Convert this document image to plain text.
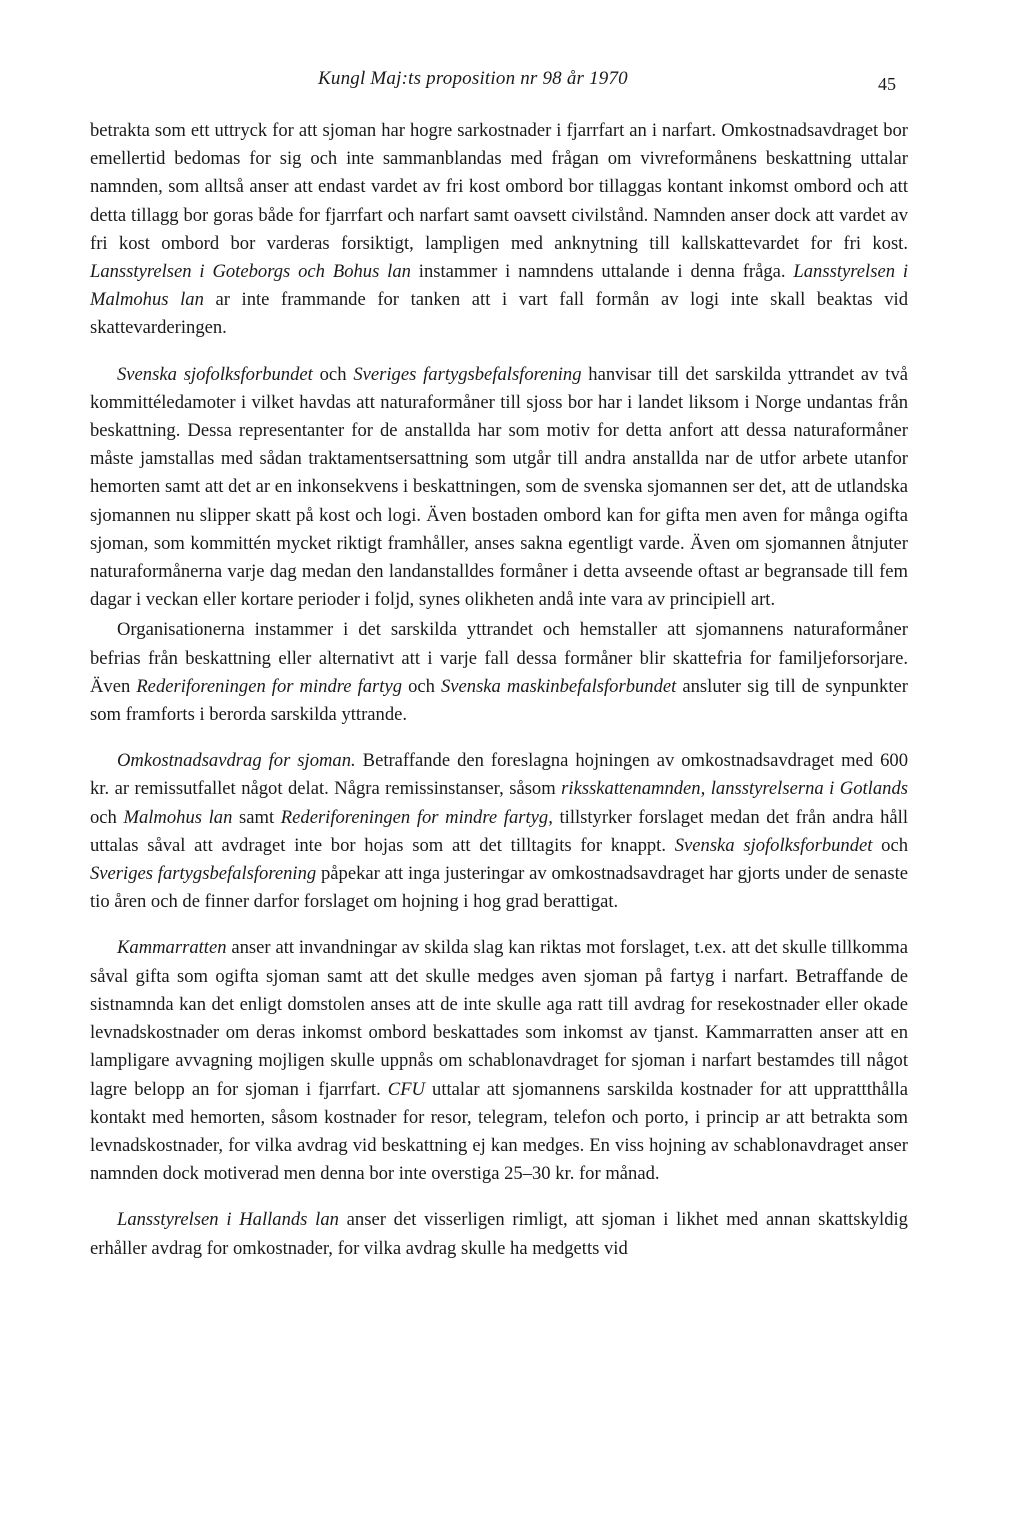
Kungl Maj:ts proposition nr 98 år 1970	45

betrakta som ett uttryck for att sjoman har hogre sarkostnader i fjarrfart an i narfart. Omkostnadsavdraget bor emellertid bedomas for sig och inte sammanblandas med frågan om vivreformånens beskattning uttalar namnden, som alltså anser att endast vardet av fri kost ombord bor tillaggas kontant inkomst ombord och att detta tillagg bor goras både for fjarrfart och narfart samt oavsett civilstånd. Namnden anser dock att vardet av fri kost ombord bor varderas forsiktigt, lampligen med anknytning till kallskattevardet for fri kost. Lansstyrelsen i Goteborgs och Bohus lan instammer i namndens uttalande i denna fråga. Lansstyrelsen i Malmohus lan ar inte frammande for tanken att i vart fall formån av logi inte skall beaktas vid skattevarderingen.

Svenska sjofolksforbundet och Sveriges fartygsbefalsforening hanvisar till det sarskilda yttrandet av två kommittéledamoter i vilket havdas att naturaformåner till sjoss bor har i landet liksom i Norge undantas från beskattning. Dessa representanter for de anstallda har som motiv for detta anfort att dessa naturaformåner måste jamstallas med sådan traktamentsersattning som utgår till andra anstallda nar de utfor arbete utanfor hemorten samt att det ar en inkonsekvens i beskattningen, som de svenska sjomannen ser det, att de utlandska sjomannen nu slipper skatt på kost och logi. Även bostaden ombord kan for gifta men aven for många ogifta sjoman, som kommittén mycket riktigt framhåller, anses sakna egentligt varde. Även om sjomannen åtnjuter naturaformånerna varje dag medan den landanstalldes formåner i detta avseende oftast ar begransade till fem dagar i veckan eller kortare perioder i foljd, synes olikheten andå inte vara av principiell art.

Organisationerna instammer i det sarskilda yttrandet och hemstaller att sjomannens naturaformåner befrias från beskattning eller alternativt att i varje fall dessa formåner blir skattefria for familjeforsorjare. Även Rederiforeningen for mindre fartyg och Svenska maskinbefalsforbundet ansluter sig till de synpunkter som framforts i berorda sarskilda yttrande.

Omkostnadsavdrag for sjoman. Betraffande den foreslagna hojningen av omkostnadsavdraget med 600 kr. ar remissutfallet något delat. Några remissinstanser, såsom riksskattenamnden, lansstyrelserna i Gotlands och Malmohus lan samt Rederiforeningen for mindre fartyg, tillstyrker forslaget medan det från andra håll uttalas såval att avdraget inte bor hojas som att det tilltagits for knappt. Svenska sjofolksforbundet och Sveriges fartygsbefalsforening påpekar att inga justeringar av omkostnadsavdraget har gjorts under de senaste tio åren och de finner darfor forslaget om hojning i hog grad berattigat.

Kammarratten anser att invandningar av skilda slag kan riktas mot forslaget, t.ex. att det skulle tillkomma såval gifta som ogifta sjoman samt att det skulle medges aven sjoman på fartyg i narfart. Betraffande de sistnamnda kan det enligt domstolen anses att de inte skulle aga ratt till avdrag for resekostnader eller okade levnadskostnader om deras inkomst ombord beskattades som inkomst av tjanst. Kammarratten anser att en lampligare avvagning mojligen skulle uppnås om schablonavdraget for sjoman i narfart bestamdes till något lagre belopp an for sjoman i fjarrfart. CFU uttalar att sjomannens sarskilda kostnader for att upprattthålla kontakt med hemorten, såsom kostnader for resor, telegram, telefon och porto, i princip ar att betrakta som levnadskostnader, for vilka avdrag vid beskattning ej kan medges. En viss hojning av schablonavdraget anser namnden dock motiverad men denna bor inte overstiga 25–30 kr. for månad.

Lansstyrelsen i Hallands lan anser det visserligen rimligt, att sjoman i likhet med annan skattskyldig erhåller avdrag for omkostnader, for vilka avdrag skulle ha medgetts vid
